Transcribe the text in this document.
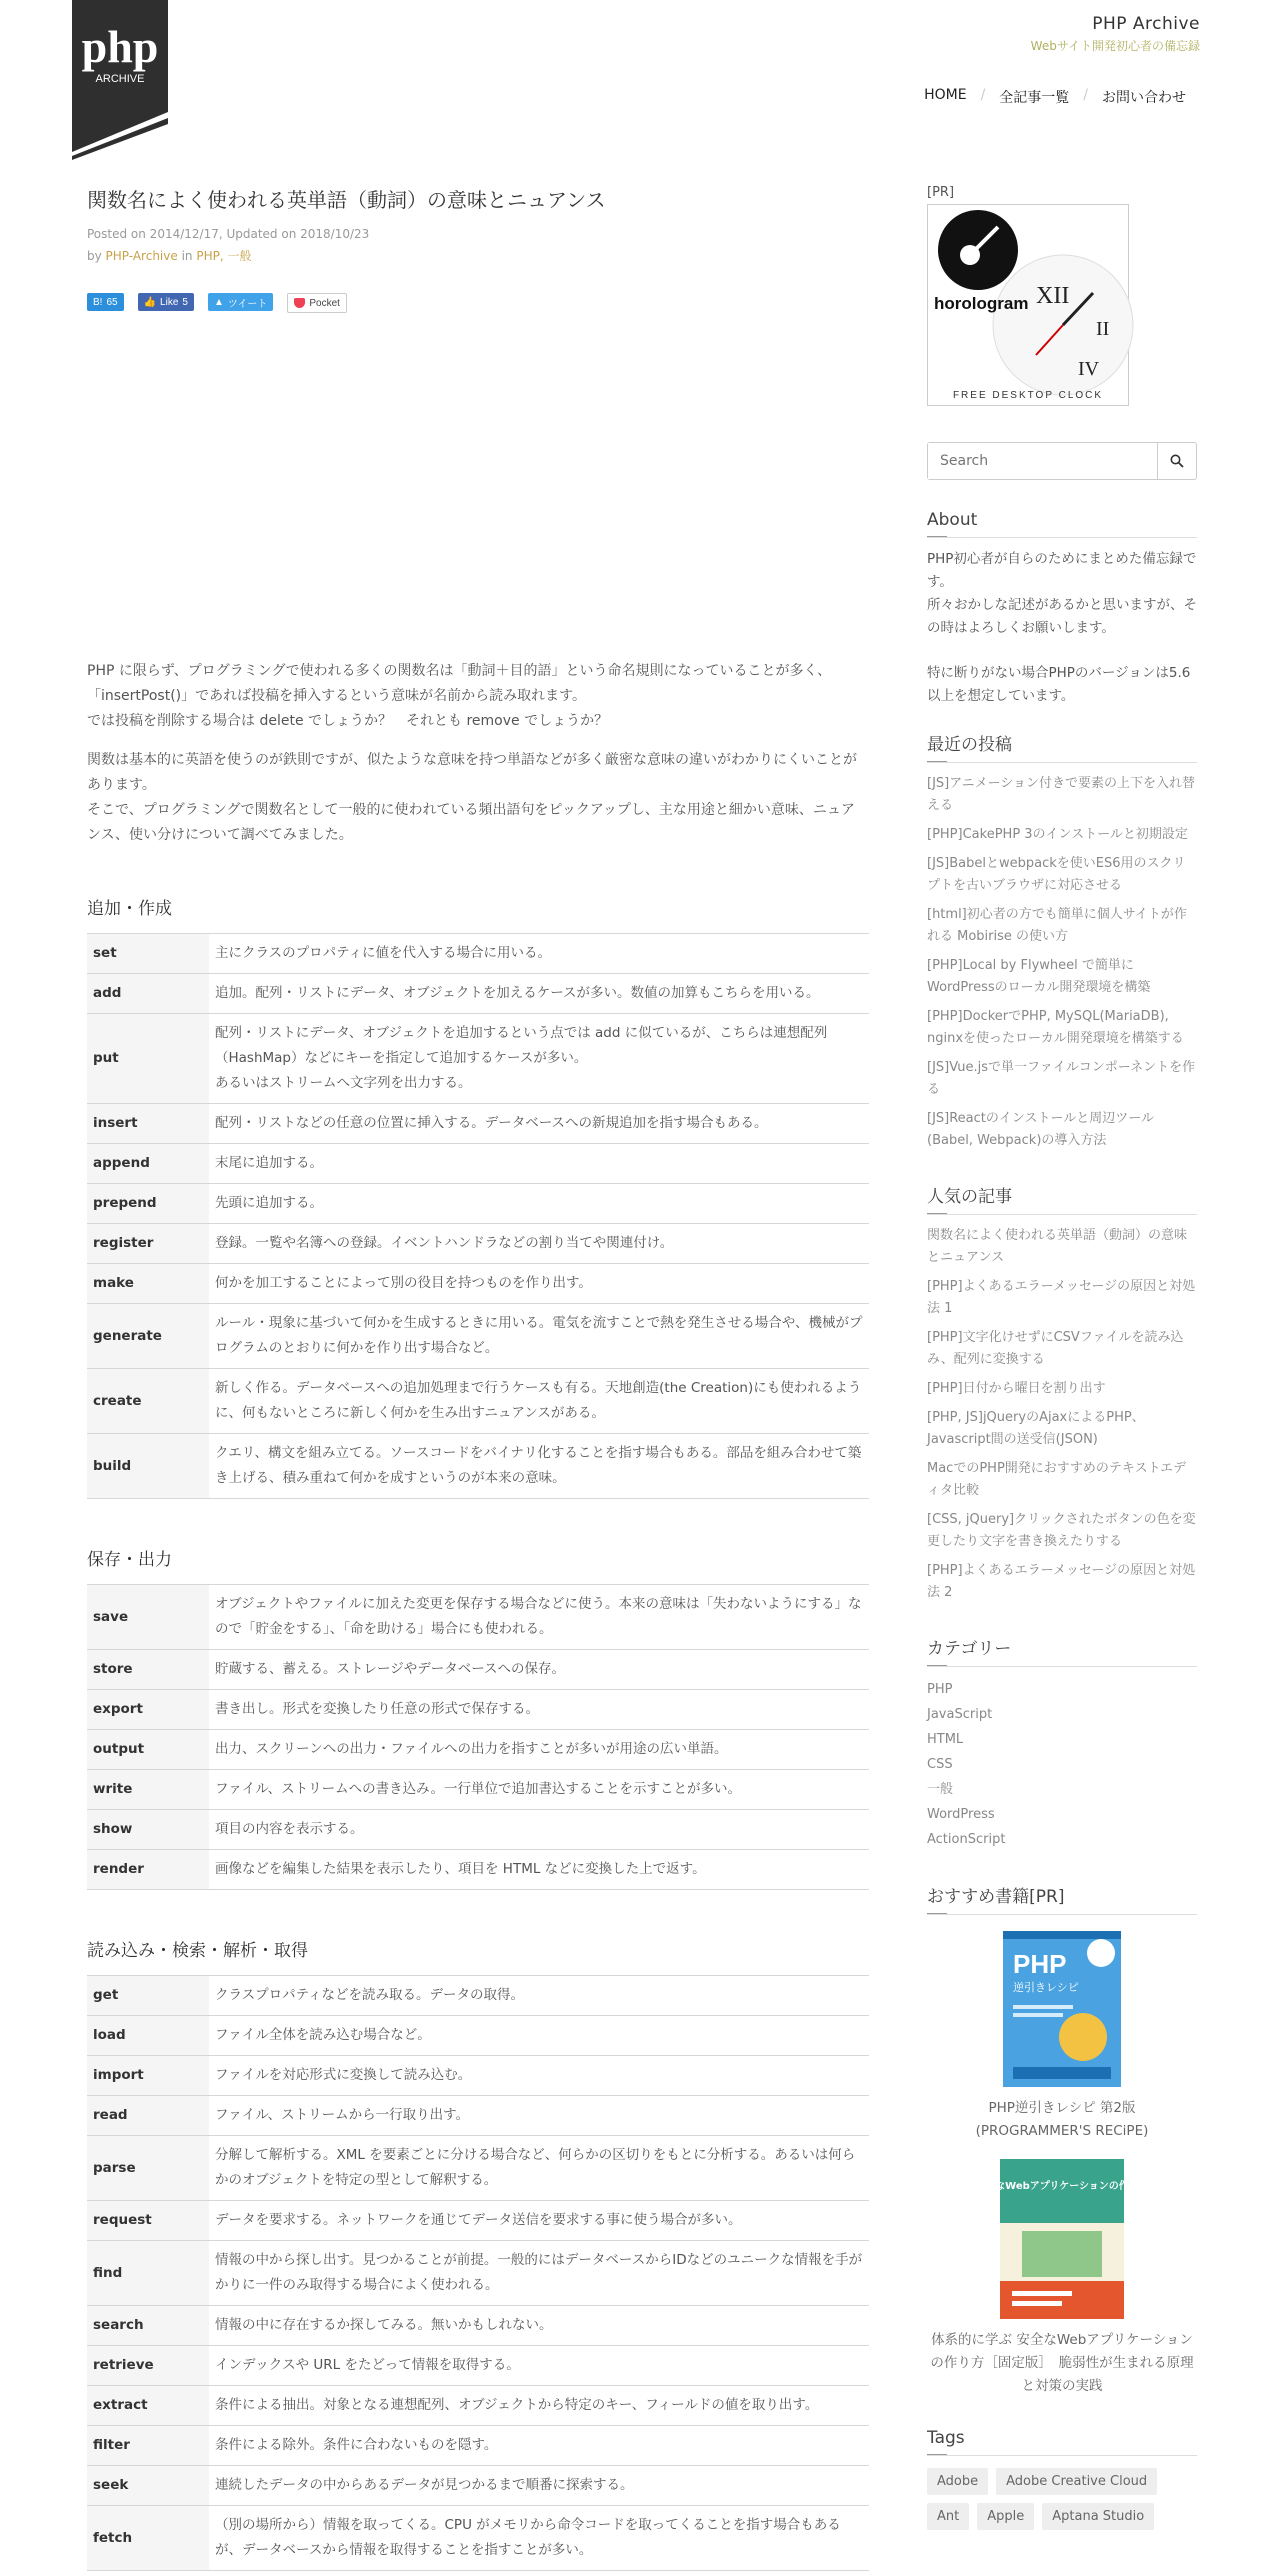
php
ARCHIVE
PHP Archive
Webサイト開発初心者の備忘録
HOME	/	全記事一覧	/	お問い合わせ
関数名によく使われる英単語（動詞）の意味とニュアンス
Posted on 2014/12/17, Updated on 2018/10/23
by PHP-Archive in PHP, 一般
B! 65	👍 Like 5	▲ ツイート	Pocket

PHP に限らず、プログラミングで使われる多くの関数名は「動詞＋目的語」という命名規則になっていることが多く、「insertPost()」であれば投稿を挿入するという意味が名前から読み取れます。
では投稿を削除する場合は delete でしょうか？　それとも remove でしょうか？

関数は基本的に英語を使うのが鉄則ですが、似たような意味を持つ単語などが多く厳密な意味の違いがわかりにくいことがあります。
そこで、プログラミングで関数名として一般的に使われている頻出語句をピックアップし、主な用途と細かい意味、ニュアンス、使い分けについて調べてみました。

追加・作成
set	主にクラスのプロパティに値を代入する場合に用いる。
add	追加。配列・リストにデータ、オブジェクトを加えるケースが多い。数値の加算もこちらを用いる。
put	配列・リストにデータ、オブジェクトを追加するという点では add に似ているが、こちらは連想配列（HashMap）などにキーを指定して追加するケースが多い。
あるいはストリームへ文字列を出力する。
insert	配列・リストなどの任意の位置に挿入する。データベースへの新規追加を指す場合もある。
append	末尾に追加する。
prepend	先頭に追加する。
register	登録。一覧や名簿への登録。イベントハンドラなどの割り当てや関連付け。
make	何かを加工することによって別の役目を持つものを作り出す。
generate	ルール・現象に基づいて何かを生成するときに用いる。電気を流すことで熱を発生させる場合や、機械がプログラムのとおりに何かを作り出す場合など。
create	新しく作る。データベースへの追加処理まで行うケースも有る。天地創造(the Creation)にも使われるように、何もないところに新しく何かを生み出すニュアンスがある。
build	クエリ、構文を組み立てる。ソースコードをバイナリ化することを指す場合もある。部品を組み合わせて築き上げる、積み重ねて何かを成すというのが本来の意味。
保存・出力
save	オブジェクトやファイルに加えた変更を保存する場合などに使う。本来の意味は「失わないようにする」なので「貯金をする」、「命を助ける」場合にも使われる。
store	貯蔵する、蓄える。ストレージやデータベースへの保存。
export	書き出し。形式を変換したり任意の形式で保存する。
output	出力、スクリーンへの出力・ファイルへの出力を指すことが多いが用途の広い単語。
write	ファイル、ストリームへの書き込み。一行単位で追加書込することを示すことが多い。
show	項目の内容を表示する。
render	画像などを編集した結果を表示したり、項目を HTML などに変換した上で返す。
読み込み・検索・解析・取得
get	クラスプロパティなどを読み取る。データの取得。
load	ファイル全体を読み込む場合など。
import	ファイルを対応形式に変換して読み込む。
read	ファイル、ストリームから一行取り出す。
parse	分解して解析する。XML を要素ごとに分ける場合など、何らかの区切りをもとに分析する。あるいは何らかのオブジェクトを特定の型として解釈する。
request	データを要求する。ネットワークを通じてデータ送信を要求する事に使う場合が多い。
find	情報の中から探し出す。見つかることが前提。一般的にはデータベースからIDなどのユニークな情報を手がかりに一件のみ取得する場合によく使われる。
search	情報の中に存在するか探してみる。無いかもしれない。
retrieve	インデックスや URL をたどって情報を取得する。
extract	条件による抽出。対象となる連想配列、オブジェクトから特定のキー、フィールドの値を取り出す。
filter	条件による除外。条件に合わないものを隠す。
seek	連続したデータの中からあるデータが見つかるまで順番に探索する。
fetch	（別の場所から）情報を取ってくる。CPU がメモリから命令コードを取ってくることを指す場合もあるが、データベースから情報を取得することを指すことが多い。
[PR]
XII
II
IV
horologram
FREE DESKTOP CLOCK
Search
About

PHP初心者が自らのためにまとめた備忘録です。
所々おかしな記述があるかと思いますが、その時はよろしくお願いします。

特に断りがない場合PHPのバージョンは5.6以上を想定しています。

最近の投稿
[JS]アニメーション付きで要素の上下を入れ替える
[PHP]CakePHP 3のインストールと初期設定
[JS]Babelとwebpackを使いES6用のスクリプトを古いブラウザに対応させる
[html]初心者の方でも簡単に個人サイトが作れる Mobirise の使い方
[PHP]Local by Flywheel で簡単にWordPressのローカル開発環境を構築
[PHP]DockerでPHP, MySQL(MariaDB), nginxを使ったローカル開発環境を構築する
[JS]Vue.jsで単一ファイルコンポーネントを作る
[JS]Reactのインストールと周辺ツール(Babel, Webpack)の導入方法
人気の記事
関数名によく使われる英単語（動詞）の意味とニュアンス
[PHP]よくあるエラーメッセージの原因と対処法 1
[PHP]文字化けせずにCSVファイルを読み込み、配列に変換する
[PHP]日付から曜日を割り出す
[PHP, JS]jQueryのAjaxによるPHP、Javascript間の送受信(JSON)
MacでのPHP開発におすすめのテキストエディタ比較
[CSS, jQuery]クリックされたボタンの色を変更したり文字を書き換えたりする
[PHP]よくあるエラーメッセージの原因と対処法 2
カテゴリー
PHP
JavaScript
HTML
CSS
一般
WordPress
ActionScript
おすすめ書籍[PR]
PHP
逆引きレシピ
PHP逆引きレシピ 第2版
(PROGRAMMER'S RECiPE)
安全なWebアプリケーションの作り方
体系的に学ぶ 安全なWebアプリケーションの作り方［固定版］　脆弱性が生まれる原理と対策の実践
Tags
Adobe	Adobe Creative Cloud
Ant	Apple	Aptana Studio
